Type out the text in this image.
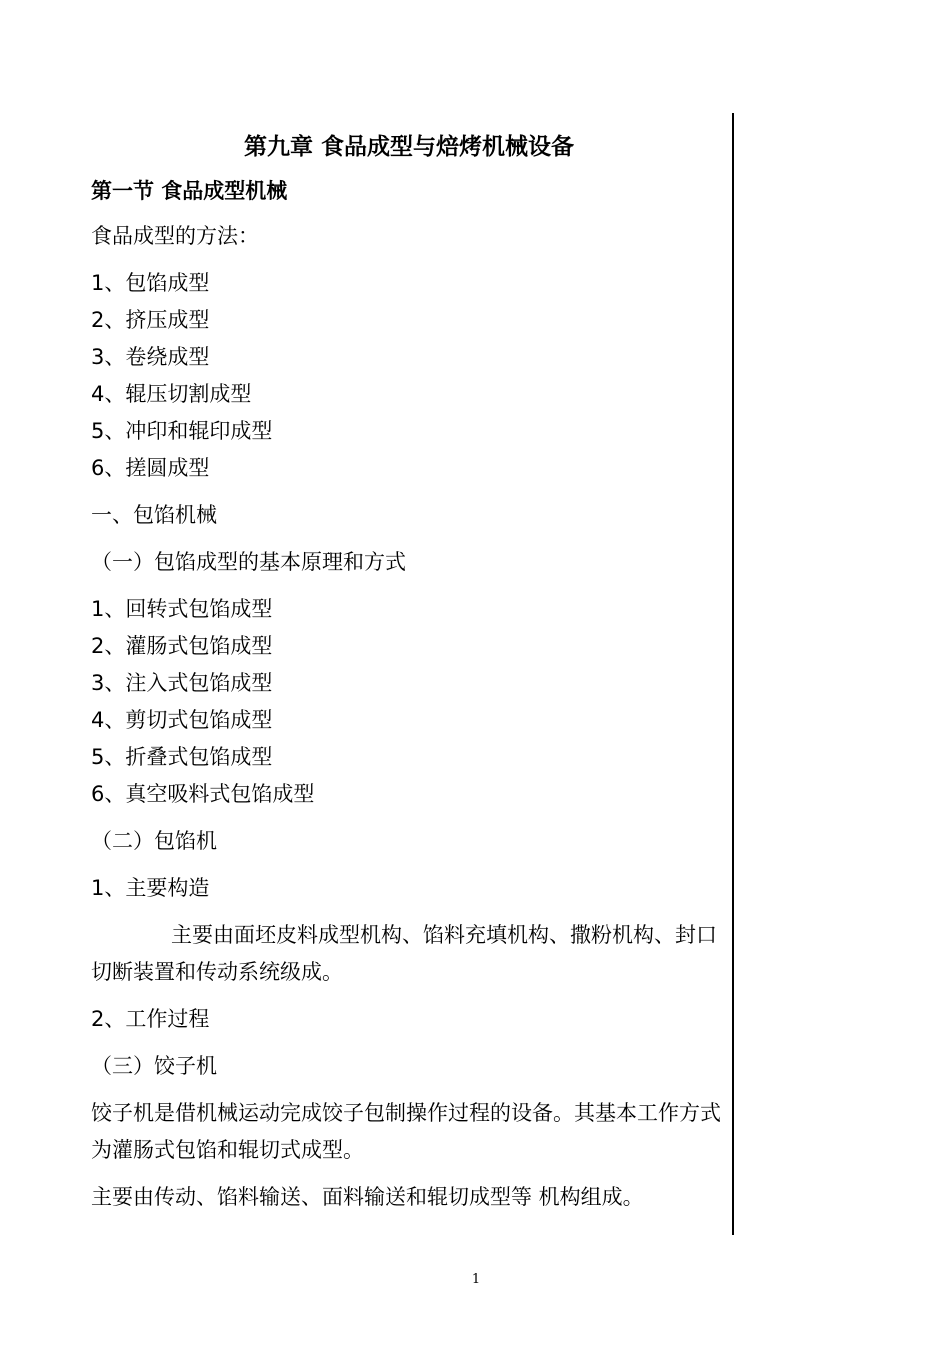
第九章 食品成型与焙烤机械设备
第一节 食品成型机械

食品成型的方法：

1、包馅成型

2、挤压成型

3、卷绕成型

4、辊压切割成型

5、冲印和辊印成型

6、搓圆成型

一、包馅机械

（一）包馅成型的基本原理和方式

1、回转式包馅成型

2、灌肠式包馅成型

3、注入式包馅成型

4、剪切式包馅成型

5、折叠式包馅成型

6、真空吸料式包馅成型

（二）包馅机

1、主要构造

主要由面坯皮料成型机构、馅料充填机构、撒粉机构、封口切断装置和传动系统级成。

2、工作过程

（三）饺子机

饺子机是借机械运动完成饺子包制操作过程的设备。其基本工作方式为灌肠式包馅和辊切式成型。

主要由传动、馅料输送、面料输送和辊切成型等 机构组成。

1
